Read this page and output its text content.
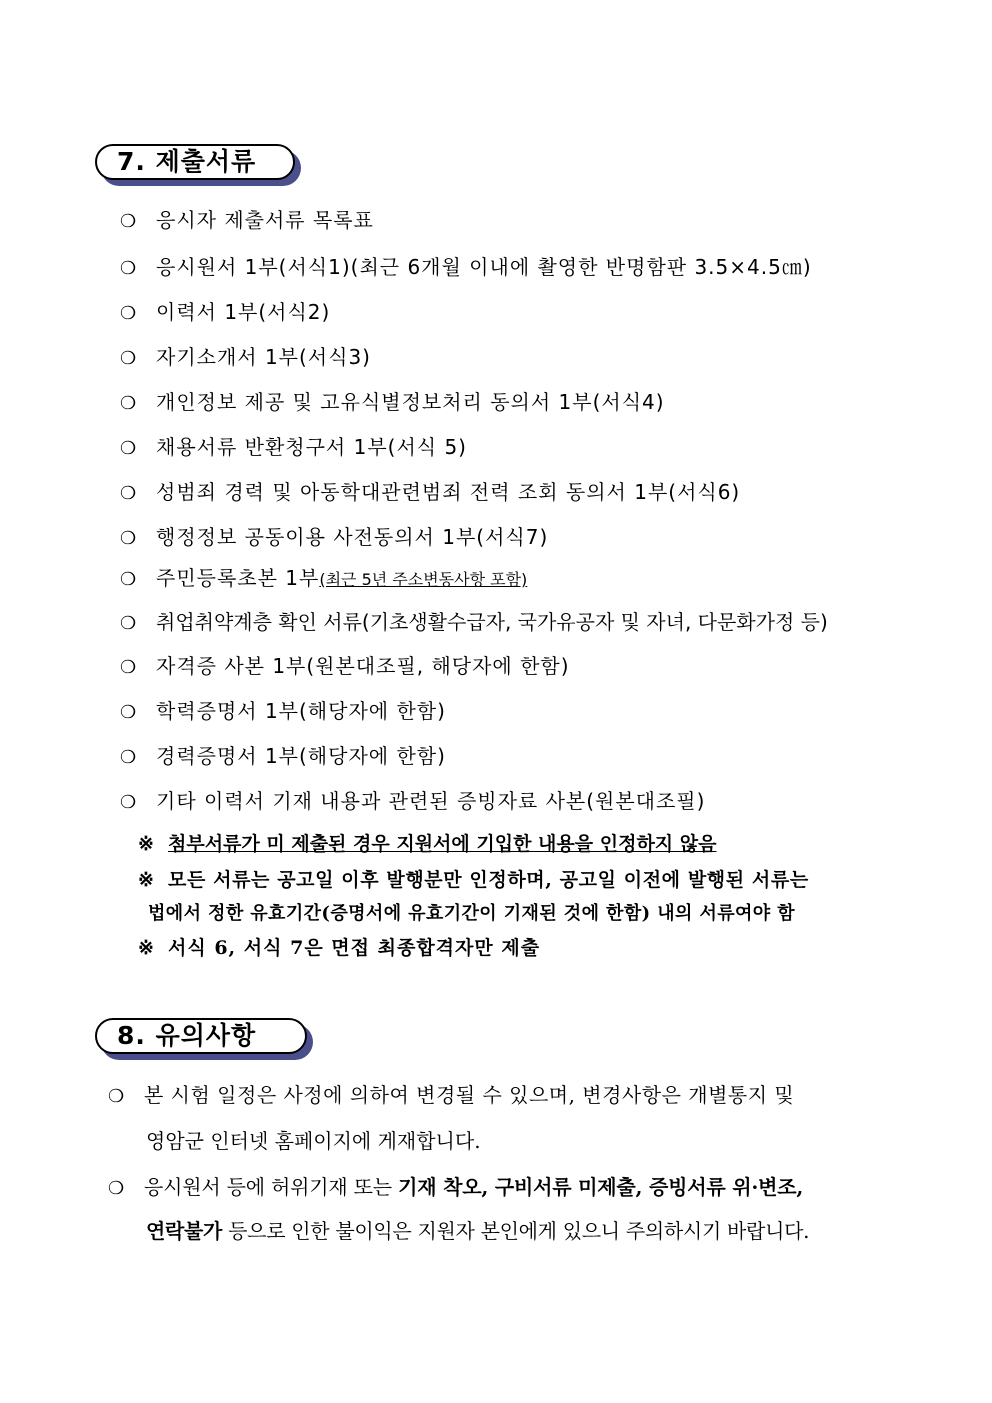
7. 제출서류
❍ 응시자 제출서류 목록표
❍ 응시원서 1부(서식1)(최근 6개월 이내에 촬영한 반명함판 3.5×4.5㎝)
❍ 이력서 1부(서식2)
❍ 자기소개서 1부(서식3)
❍ 개인정보 제공 및 고유식별정보처리 동의서 1부(서식4)
❍ 채용서류 반환청구서 1부(서식 5)
❍ 성범죄 경력 및 아동학대관련범죄 전력 조회 동의서 1부(서식6)
❍ 행정정보 공동이용 사전동의서 1부(서식7)
❍ 주민등록초본 1부(최근 5년 주소변동사항 포함)
❍ 취업취약계층 확인 서류(기초생활수급자, 국가유공자 및 자녀, 다문화가정 등)
❍ 자격증 사본 1부(원본대조필, 해당자에 한함)
❍ 학력증명서 1부(해당자에 한함)
❍ 경력증명서 1부(해당자에 한함)
❍ 기타 이력서 기재 내용과 관련된 증빙자료 사본(원본대조필)
※ 첨부서류가 미 제출된 경우 지원서에 기입한 내용을 인정하지 않음
※ 모든 서류는 공고일 이후 발행분만 인정하며, 공고일 이전에 발행된 서류는
법에서 정한 유효기간(증명서에 유효기간이 기재된 것에 한함) 내의 서류여야 함
※ 서식 6, 서식 7은 면접 최종합격자만 제출
8. 유의사항
❍ 본 시험 일정은 사정에 의하여 변경될 수 있으며, 변경사항은 개별통지 및
영암군 인터넷 홈페이지에 게재합니다.
❍ 응시원서 등에 허위기재 또는 기재 착오, 구비서류 미제출, 증빙서류 위·변조,
연락불가 등으로 인한 불이익은 지원자 본인에게 있으니 주의하시기 바랍니다.
